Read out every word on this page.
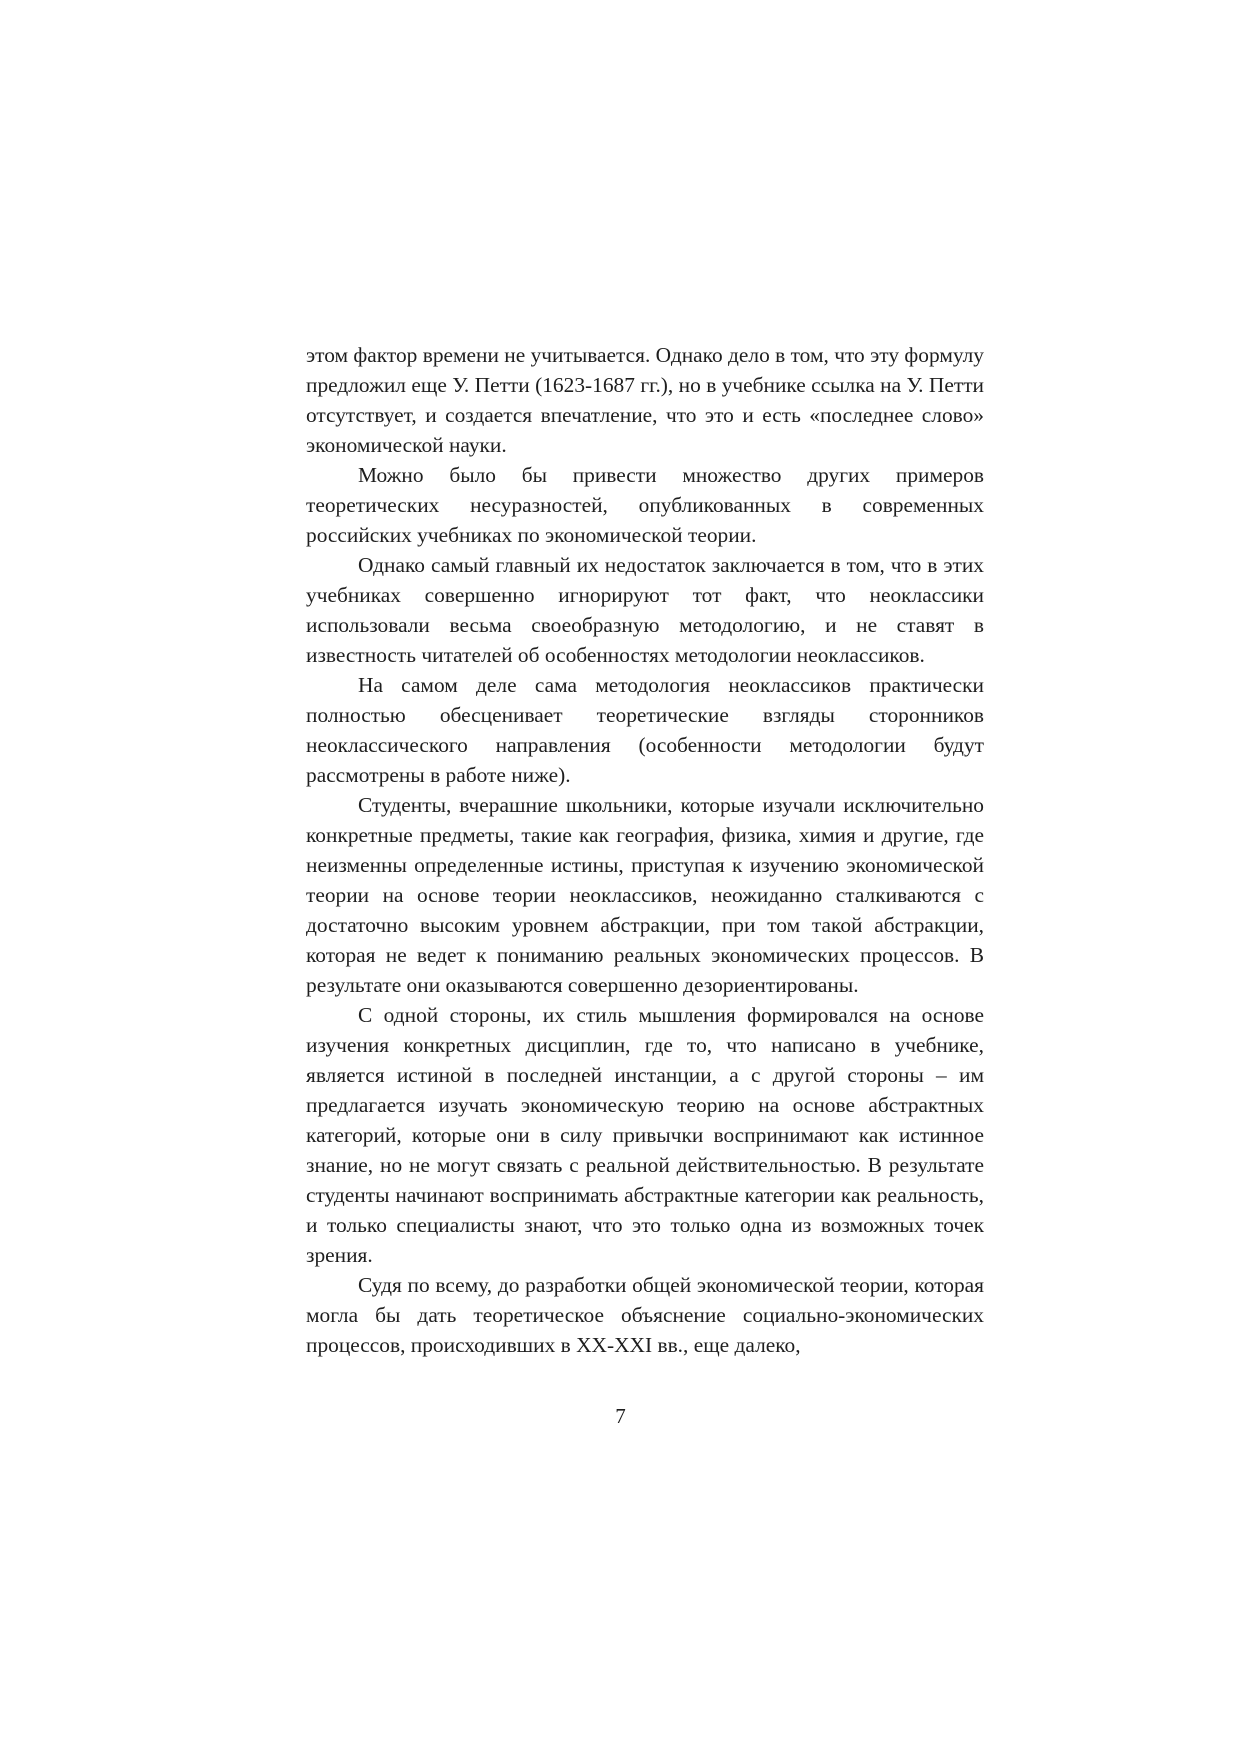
этом фактор времени не учитывается. Однако дело в том, что эту формулу предложил еще У. Петти (1623-1687 гг.), но в учебнике ссылка на У. Петти отсутствует, и создается впечатление, что это и есть «последнее слово» экономической науки.

Можно было бы привести множество других примеров теоретических несуразностей, опубликованных в современных российских учебниках по экономической теории.

Однако самый главный их недостаток заключается в том, что в этих учебниках совершенно игнорируют тот факт, что неоклассики использовали весьма своеобразную методологию, и не ставят в известность читателей об особенностях методологии неоклассиков.

На самом деле сама методология неоклассиков практически полностью обесценивает теоретические взгляды сторонников неоклассического направления (особенности методологии будут рассмотрены в работе ниже).

Студенты, вчерашние школьники, которые изучали исключительно конкретные предметы, такие как география, физика, химия и другие, где неизменны определенные истины, приступая к изучению экономической теории на основе теории неоклассиков, неожиданно сталкиваются с достаточно высоким уровнем абстракции, при том такой абстракции, которая не ведет к пониманию реальных экономических процессов. В результате они оказываются совершенно дезориентированы.

С одной стороны, их стиль мышления формировался на основе изучения конкретных дисциплин, где то, что написано в учебнике, является истиной в последней инстанции, а с другой стороны – им предлагается изучать экономическую теорию на основе абстрактных категорий, которые они в силу привычки воспринимают как истинное знание, но не могут связать с реальной действительностью. В результате студенты начинают воспринимать абстрактные категории как реальность, и только специалисты знают, что это только одна из возможных точек зрения.

Судя по всему, до разработки общей экономической теории, которая могла бы дать теоретическое объяснение социально-экономических процессов, происходивших в XX-XXI вв., еще далеко,

7
